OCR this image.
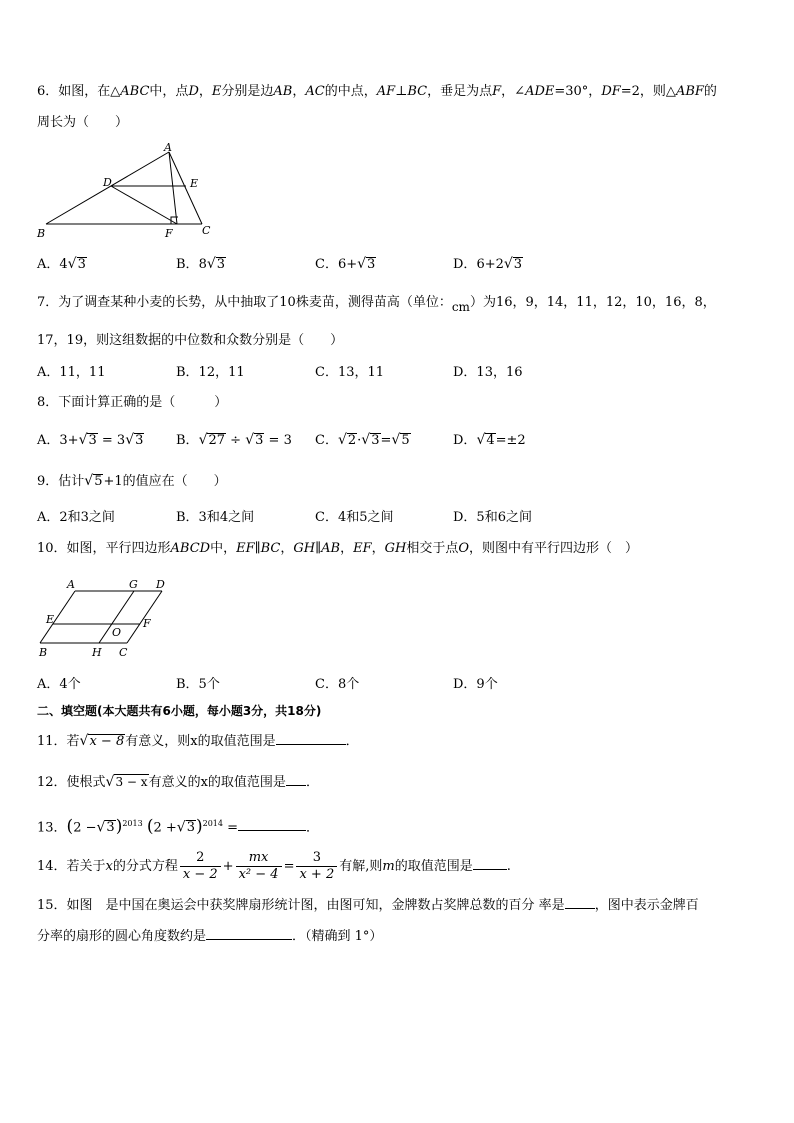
6．如图，在△ABC中，点D，E分别是边AB，AC的中点，AF⊥BC，垂足为点F，∠ADE=30°，DF=2，则△ABF的
周长为（　　）
A
B	C
D	E
F
A．4√3	B．8√3	C．6+√3	D．6+2√3
7．为了调查某种小麦的长势，从中抽取了10株麦苗，测得苗高（单位：cm）为16，9，14，11，12，10，16，8，
17，19，则这组数据的中位数和众数分别是（　　）
A．11，11	B．12，11	C．13，11	D．13，16
8．下面计算正确的是（　　　）
A．3+√3 = 3√3	B．√27 ÷ √3 = 3 C．√2·√3=√5	D．√4=±2
9．估计√5+1的值应在（　　）
A．2和3之间	B．3和4之间	C．4和5之间	D．5和6之间
10．如图，平行四边形ABCD中，EF∥BC，GH∥AB，EF，GH相交于点O，则图中有平行四边形（　）
A
B	C
D
E	F
G
H
O
A．4个	B．5个	C．8个	D．9个
二、填空题(本大题共有6小题，每小题3分，共18分)
11．若√x − 8有意义，则x的取值范围是	．
12．使根式√3 − x有意义的x的取值范围是 ．
13．$(2 -√3)^{2013}$ $(2 +√3)^{2014}$ =	．
14．若关于x的分式方程 $\frac{2}{x - 2} + \frac{mx}{\text{x² − 4}} = \frac{3}{x + 2}$ 有解,则m的取值范围是	.
15．如图　是中国在奥运会中获奖牌扇形统计图，由图可知，金牌数占奖牌总数的百分 率是 ，图中表示金牌百
分率的扇形的圆心角度数约是	．（精确到 1°）
